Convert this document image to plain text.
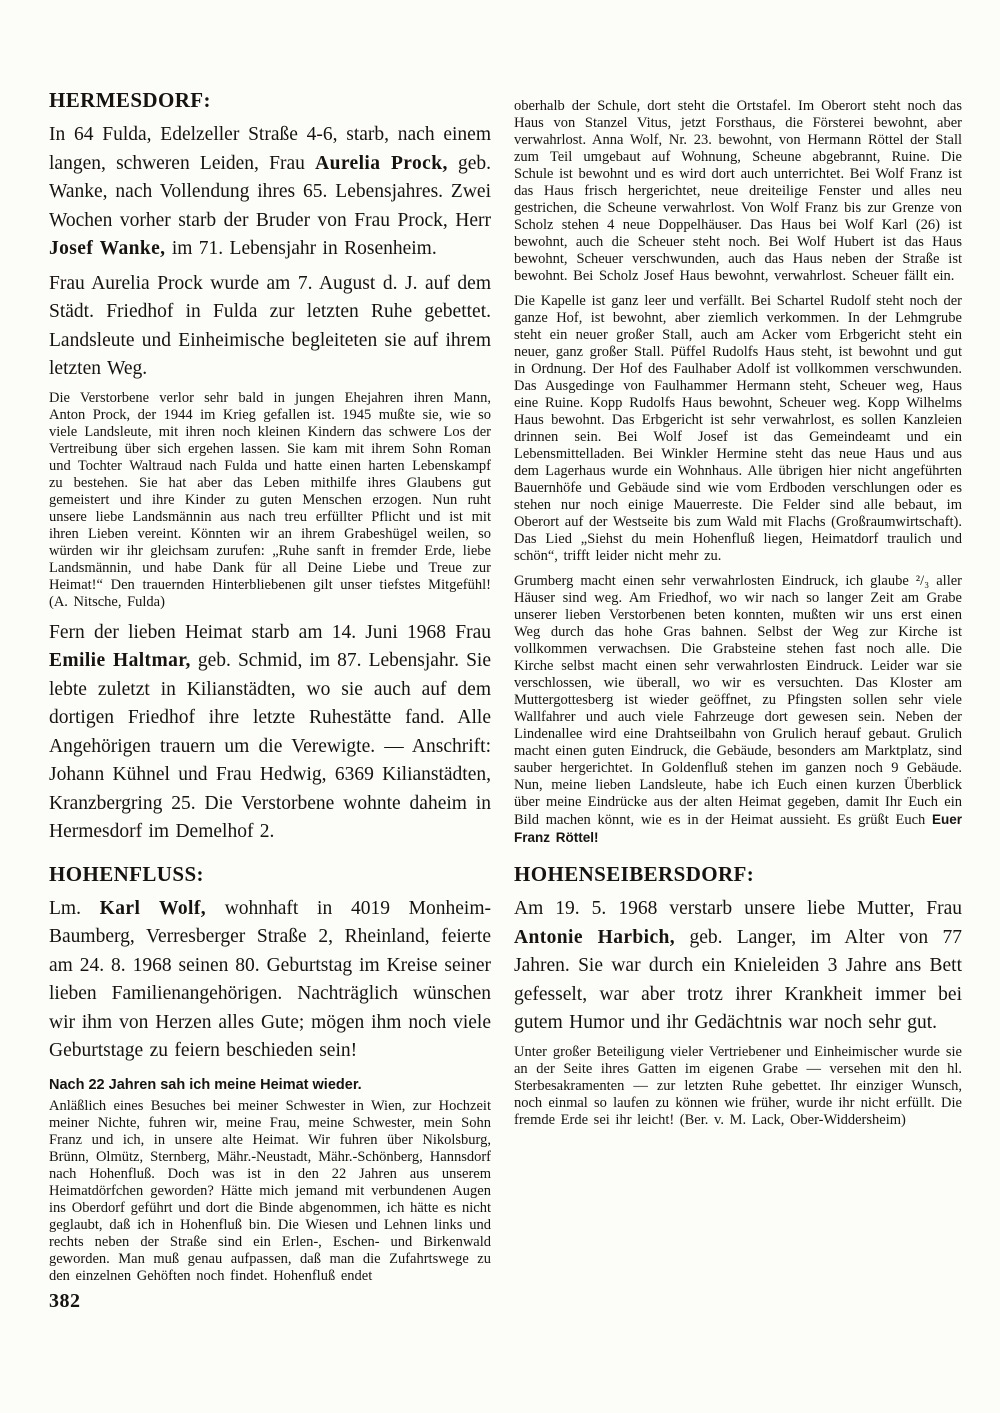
HERMESDORF:

In 64 Fulda, Edelzeller Straße 4-6, starb, nach einem langen, schweren Leiden, Frau Aurelia Prock, geb. Wanke, nach Vollendung ihres 65. Lebensjahres. Zwei Wochen vorher starb der Bruder von Frau Prock, Herr Josef Wanke, im 71. Lebensjahr in Rosenheim.

Frau Aurelia Prock wurde am 7. August d. J. auf dem Städt. Friedhof in Fulda zur letzten Ruhe gebettet. Landsleute und Einheimische begleiteten sie auf ihrem letzten Weg.

Die Verstorbene verlor sehr bald in jungen Ehejahren ihren Mann, Anton Prock, der 1944 im Krieg gefallen ist. 1945 mußte sie, wie so viele Landsleute, mit ihren noch kleinen Kindern das schwere Los der Vertreibung über sich ergehen lassen. Sie kam mit ihrem Sohn Roman und Tochter Waltraud nach Fulda und hatte einen harten Lebenskampf zu bestehen. Sie hat aber das Leben mithilfe ihres Glaubens gut gemeistert und ihre Kinder zu guten Menschen erzogen. Nun ruht unsere liebe Landsmännin aus nach treu erfüllter Pflicht und ist mit ihren Lieben vereint. Könnten wir an ihrem Grabeshügel weilen, so würden wir ihr gleichsam zurufen: „Ruhe sanft in fremder Erde, liebe Landsmännin, und habe Dank für all Deine Liebe und Treue zur Heimat!“ Den trauernden Hinterbliebenen gilt unser tiefstes Mitgefühl! (A. Nitsche, Fulda)

Fern der lieben Heimat starb am 14. Juni 1968 Frau Emilie Haltmar, geb. Schmid, im 87. Lebensjahr. Sie lebte zuletzt in Kilianstädten, wo sie auch auf dem dortigen Friedhof ihre letzte Ruhestätte fand. Alle Angehörigen trauern um die Verewigte. — Anschrift: Johann Kühnel und Frau Hedwig, 6369 Kilianstädten, Kranzbergring 25. Die Verstorbene wohnte daheim in Hermesdorf im Demelhof 2.

HOHENFLUSS:

Lm. Karl Wolf, wohnhaft in 4019 Monheim-Baumberg, Verresberger Straße 2, Rheinland, feierte am 24. 8. 1968 seinen 80. Geburtstag im Kreise seiner lieben Familienangehörigen. Nachträglich wünschen wir ihm von Herzen alles Gute; mögen ihm noch viele Geburtstage zu feiern beschieden sein!

Nach 22 Jahren sah ich meine Heimat wieder.

Anläßlich eines Besuches bei meiner Schwester in Wien, zur Hochzeit meiner Nichte, fuhren wir, meine Frau, meine Schwester, mein Sohn Franz und ich, in unsere alte Heimat. Wir fuhren über Nikolsburg, Brünn, Olmütz, Sternberg, Mähr.-Neustadt, Mähr.-Schönberg, Hannsdorf nach Hohenfluß. Doch was ist in den 22 Jahren aus unserem Heimatdörfchen geworden? Hätte mich jemand mit verbundenen Augen ins Oberdorf geführt und dort die Binde abgenommen, ich hätte es nicht geglaubt, daß ich in Hohenfluß bin. Die Wiesen und Lehnen links und rechts neben der Straße sind ein Erlen-, Eschen- und Birkenwald geworden. Man muß genau aufpassen, daß man die Zufahrtswege zu den einzelnen Gehöften noch findet. Hohenfluß endet

oberhalb der Schule, dort steht die Ortstafel. Im Oberort steht noch das Haus von Stanzel Vitus, jetzt Forsthaus, die Försterei bewohnt, aber verwahrlost. Anna Wolf, Nr. 23. bewohnt, von Hermann Röttel der Stall zum Teil umgebaut auf Wohnung, Scheune abgebrannt, Ruine. Die Schule ist bewohnt und es wird dort auch unterrichtet. Bei Wolf Franz ist das Haus frisch hergerichtet, neue dreiteilige Fenster und alles neu gestrichen, die Scheune verwahrlost. Von Wolf Franz bis zur Grenze von Scholz stehen 4 neue Doppelhäuser. Das Haus bei Wolf Karl (26) ist bewohnt, auch die Scheuer steht noch. Bei Wolf Hubert ist das Haus bewohnt, Scheuer verschwunden, auch das Haus neben der Straße ist bewohnt. Bei Scholz Josef Haus bewohnt, verwahrlost. Scheuer fällt ein.

Die Kapelle ist ganz leer und verfällt. Bei Schartel Rudolf steht noch der ganze Hof, ist bewohnt, aber ziemlich verkommen. In der Lehmgrube steht ein neuer großer Stall, auch am Acker vom Erbgericht steht ein neuer, ganz großer Stall. Püffel Rudolfs Haus steht, ist bewohnt und gut in Ordnung. Der Hof des Faulhaber Adolf ist vollkommen verschwunden. Das Ausgedinge von Faulhammer Hermann steht, Scheuer weg, Haus eine Ruine. Kopp Rudolfs Haus bewohnt, Scheuer weg. Kopp Wilhelms Haus bewohnt. Das Erbgericht ist sehr verwahrlost, es sollen Kanzleien drinnen sein. Bei Wolf Josef ist das Gemeindeamt und ein Lebensmittelladen. Bei Winkler Hermine steht das neue Haus und aus dem Lagerhaus wurde ein Wohnhaus. Alle übrigen hier nicht angeführten Bauernhöfe und Gebäude sind wie vom Erdboden verschlungen oder es stehen nur noch einige Mauerreste. Die Felder sind alle bebaut, im Oberort auf der Westseite bis zum Wald mit Flachs (Großraumwirtschaft). Das Lied „Siehst du mein Hohenfluß liegen, Heimatdorf traulich und schön“, trifft leider nicht mehr zu.

Grumberg macht einen sehr verwahrlosten Eindruck, ich glaube ²/₃ aller Häuser sind weg. Am Friedhof, wo wir nach so langer Zeit am Grabe unserer lieben Verstorbenen beten konnten, mußten wir uns erst einen Weg durch das hohe Gras bahnen. Selbst der Weg zur Kirche ist vollkommen verwachsen. Die Grabsteine stehen fast noch alle. Die Kirche selbst macht einen sehr verwahrlosten Eindruck. Leider war sie verschlossen, wie überall, wo wir es versuchten. Das Kloster am Muttergottesberg ist wieder geöffnet, zu Pfingsten sollen sehr viele Wallfahrer und auch viele Fahrzeuge dort gewesen sein. Neben der Lindenallee wird eine Drahtseilbahn von Grulich herauf gebaut. Grulich macht einen guten Eindruck, die Gebäude, besonders am Marktplatz, sind sauber hergerichtet. In Goldenfluß stehen im ganzen noch 9 Gebäude. Nun, meine lieben Landsleute, habe ich Euch einen kurzen Überblick über meine Eindrücke aus der alten Heimat gegeben, damit Ihr Euch ein Bild machen könnt, wie es in der Heimat aussieht. Es grüßt Euch Euer Franz Röttel!

HOHENSEIBERSDORF:

Am 19. 5. 1968 verstarb unsere liebe Mutter, Frau Antonie Harbich, geb. Langer, im Alter von 77 Jahren. Sie war durch ein Knieleiden 3 Jahre ans Bett gefesselt, war aber trotz ihrer Krankheit immer bei gutem Humor und ihr Gedächtnis war noch sehr gut.

Unter großer Beteiligung vieler Vertriebener und Einheimischer wurde sie an der Seite ihres Gatten im eigenen Grabe — versehen mit den hl. Sterbesakramenten — zur letzten Ruhe gebettet. Ihr einziger Wunsch, noch einmal so laufen zu können wie früher, wurde ihr nicht erfüllt. Die fremde Erde sei ihr leicht! (Ber. v. M. Lack, Ober-Widdersheim)

382
